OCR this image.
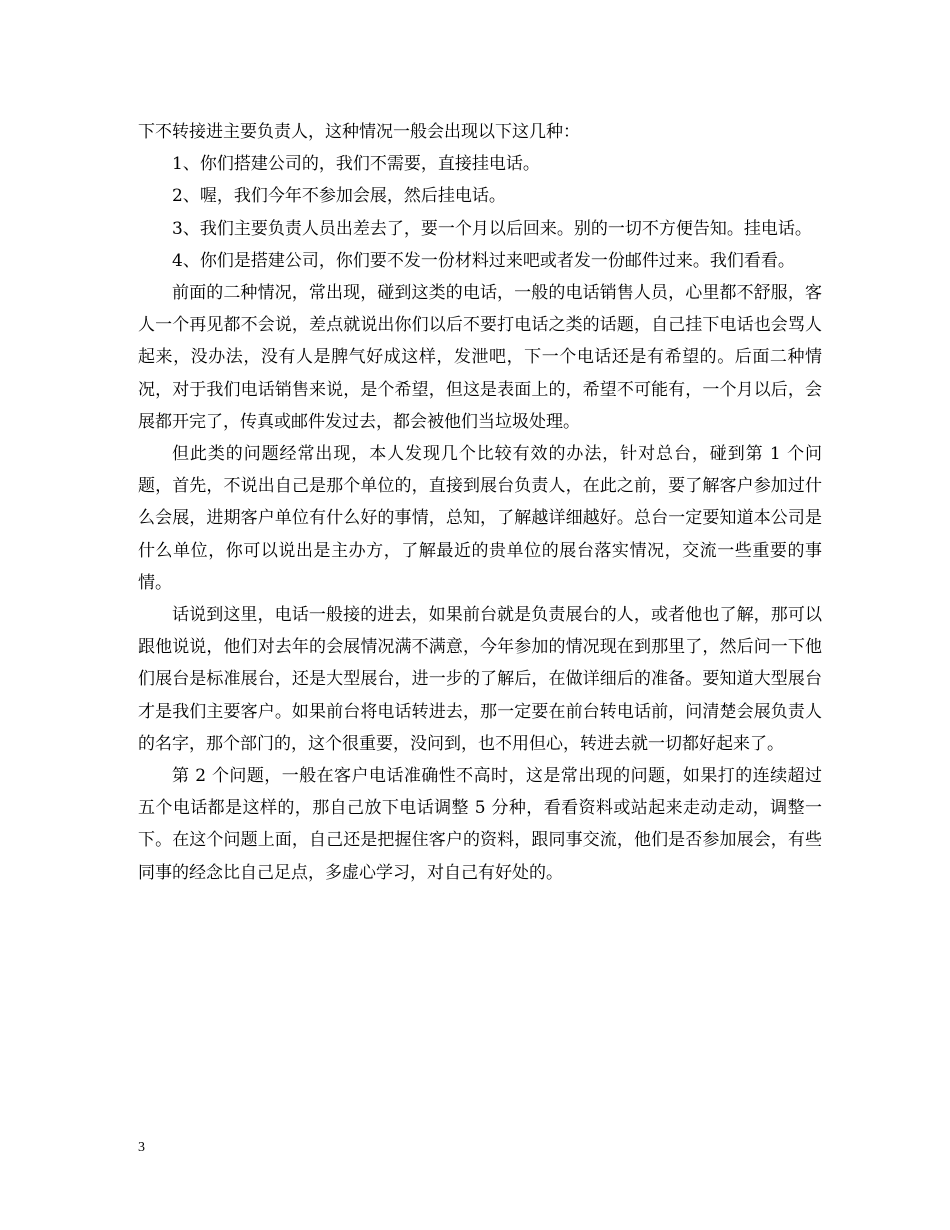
下不转接进主要负责人，这种情况一般会出现以下这几种：

1、你们搭建公司的，我们不需要，直接挂电话。

2、喔，我们今年不参加会展，然后挂电话。

3、我们主要负责人员出差去了，要一个月以后回来。别的一切不方便告知。挂电话。

4、你们是搭建公司，你们要不发一份材料过来吧或者发一份邮件过来。我们看看。

前面的二种情况，常出现，碰到这类的电话，一般的电话销售人员，心里都不舒服，客人一个再见都不会说，差点就说出你们以后不要打电话之类的话题，自己挂下电话也会骂人起来，没办法，没有人是脾气好成这样，发泄吧，下一个电话还是有希望的。后面二种情况，对于我们电话销售来说，是个希望，但这是表面上的，希望不可能有，一个月以后，会展都开完了，传真或邮件发过去，都会被他们当垃圾处理。

但此类的问题经常出现，本人发现几个比较有效的办法，针对总台，碰到第 1 个问题，首先，不说出自己是那个单位的，直接到展台负责人，在此之前，要了解客户参加过什么会展，进期客户单位有什么好的事情，总知，了解越详细越好。总台一定要知道本公司是什么单位，你可以说出是主办方，了解最近的贵单位的展台落实情况，交流一些重要的事情。

话说到这里，电话一般接的进去，如果前台就是负责展台的人，或者他也了解，那可以跟他说说，他们对去年的会展情况满不满意，今年参加的情况现在到那里了，然后问一下他们展台是标准展台，还是大型展台，进一步的了解后，在做详细后的准备。要知道大型展台才是我们主要客户。如果前台将电话转进去，那一定要在前台转电话前，问清楚会展负责人的名字，那个部门的，这个很重要，没问到，也不用但心，转进去就一切都好起来了。

第 2 个问题，一般在客户电话准确性不高时，这是常出现的问题，如果打的连续超过五个电话都是这样的，那自己放下电话调整 5 分种，看看资料或站起来走动走动，调整一下。在这个问题上面，自己还是把握住客户的资料，跟同事交流，他们是否参加展会，有些同事的经念比自己足点，多虚心学习，对自己有好处的。

3
